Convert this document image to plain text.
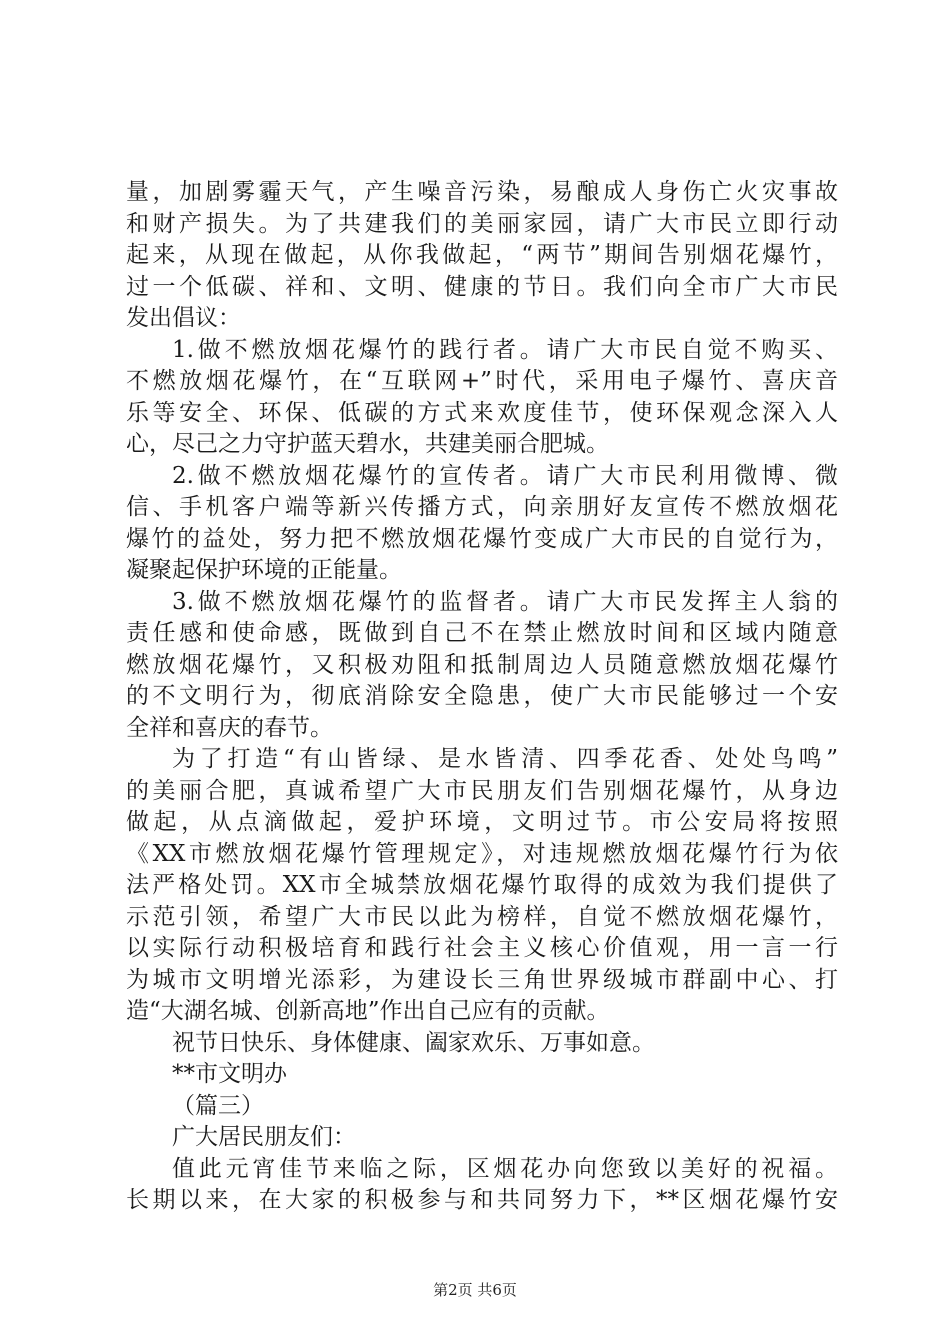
量，加剧雾霾天气，产生噪音污染，易酿成人身伤亡火灾事故
和财产损失。为了共建我们的美丽家园，请广大市民立即行动
起来，从现在做起，从你我做起，“两节”期间告别烟花爆竹，
过一个低碳、祥和、文明、健康的节日。我们向全市广大市民
发出倡议：
1.做不燃放烟花爆竹的践行者。请广大市民自觉不购买、
不燃放烟花爆竹，在“互联网+”时代，采用电子爆竹、喜庆音
乐等安全、环保、低碳的方式来欢度佳节，使环保观念深入人
心，尽己之力守护蓝天碧水，共建美丽合肥城。
2.做不燃放烟花爆竹的宣传者。请广大市民利用微博、微
信、手机客户端等新兴传播方式，向亲朋好友宣传不燃放烟花
爆竹的益处，努力把不燃放烟花爆竹变成广大市民的自觉行为，
凝聚起保护环境的正能量。
3.做不燃放烟花爆竹的监督者。请广大市民发挥主人翁的
责任感和使命感，既做到自己不在禁止燃放时间和区域内随意
燃放烟花爆竹，又积极劝阻和抵制周边人员随意燃放烟花爆竹
的不文明行为，彻底消除安全隐患，使广大市民能够过一个安
全祥和喜庆的春节。
为了打造“有山皆绿、是水皆清、四季花香、处处鸟鸣”
的美丽合肥，真诚希望广大市民朋友们告别烟花爆竹，从身边
做起，从点滴做起，爱护环境，文明过节。市公安局将按照
《XX市燃放烟花爆竹管理规定》，对违规燃放烟花爆竹行为依
法严格处罚。XX市全城禁放烟花爆竹取得的成效为我们提供了
示范引领，希望广大市民以此为榜样，自觉不燃放烟花爆竹，
以实际行动积极培育和践行社会主义核心价值观，用一言一行
为城市文明增光添彩，为建设长三角世界级城市群副中心、打
造“大湖名城、创新高地”作出自己应有的贡献。
祝节日快乐、身体健康、阖家欢乐、万事如意。
**市文明办
（篇三）
广大居民朋友们：
值此元宵佳节来临之际，区烟花办向您致以美好的祝福。
长期以来，在大家的积极参与和共同努力下，**区烟花爆竹安
第2页 共6页
